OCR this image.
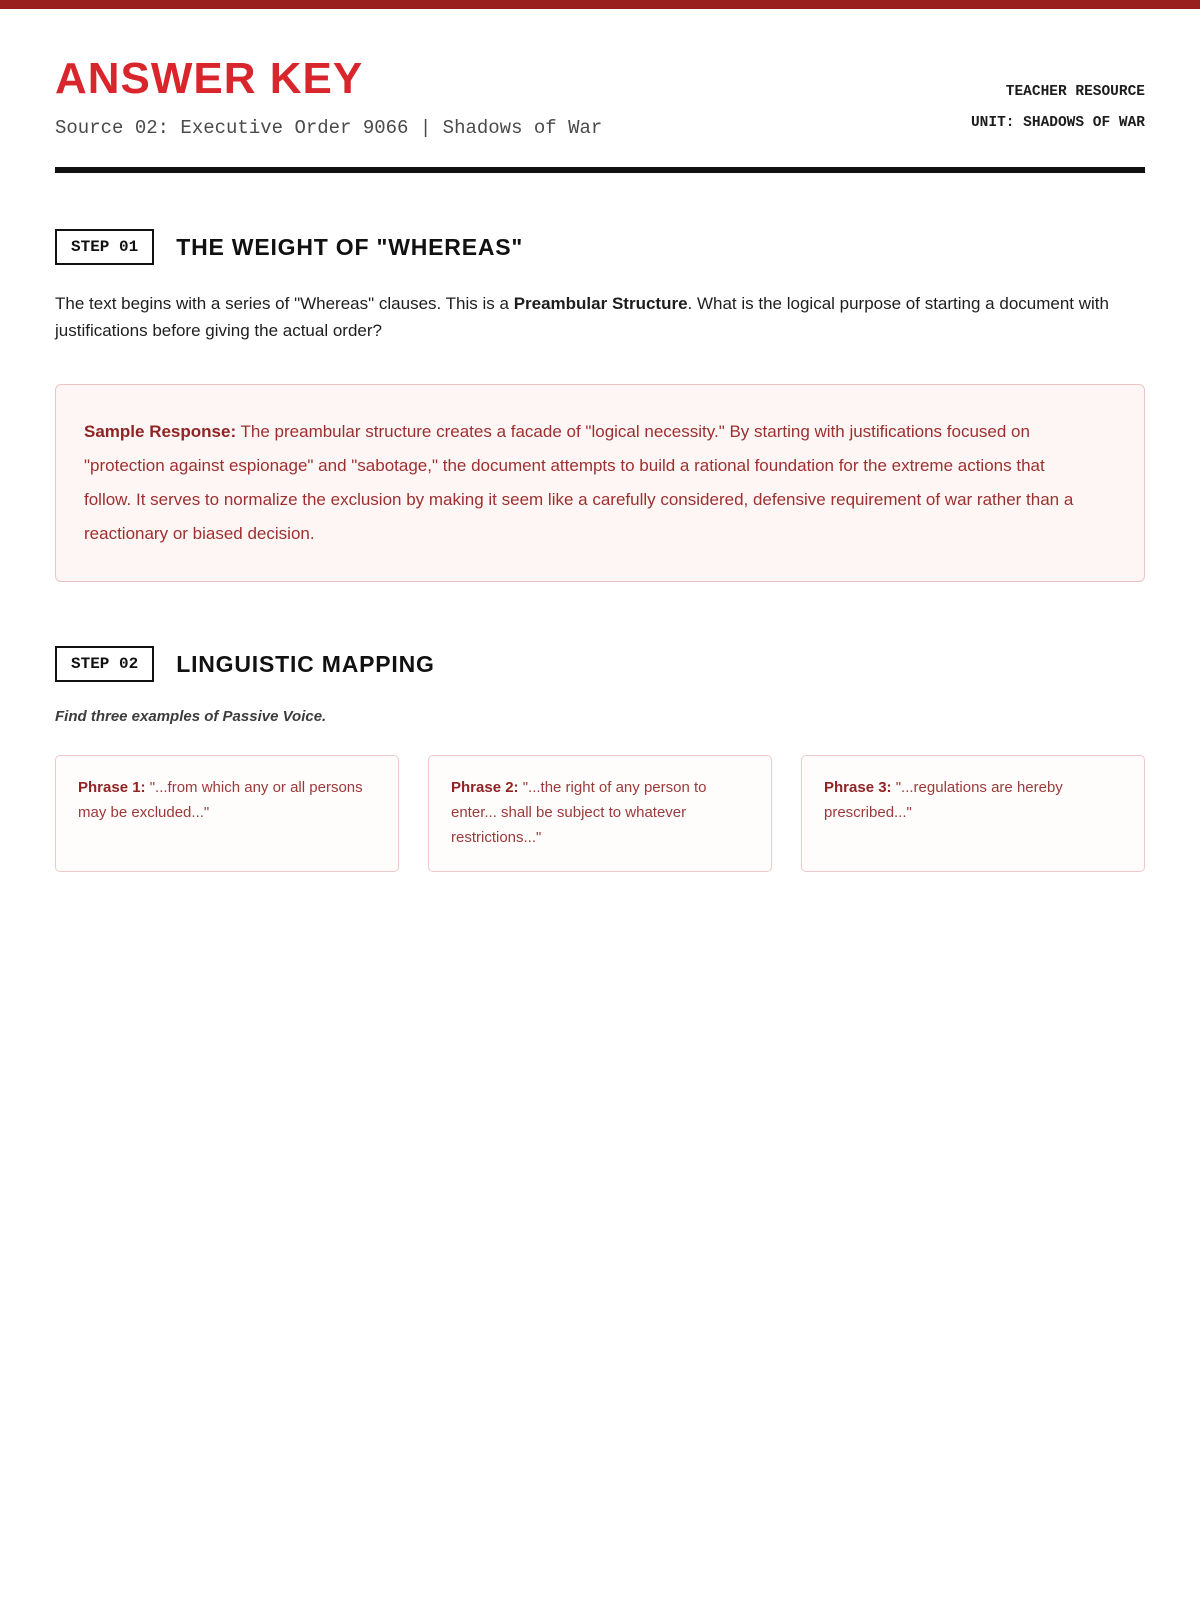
ANSWER KEY
Source 02: Executive Order 9066 | Shadows of War
TEACHER RESOURCE
UNIT: SHADOWS OF WAR
STEP 01	THE WEIGHT OF "WHEREAS"

The text begins with a series of "Whereas" clauses. This is a Preambular Structure. What is the logical purpose of starting a document with justifications before giving the actual order?

Sample Response: The preambular structure creates a facade of "logical necessity." By starting with justifications focused on "protection against espionage" and "sabotage," the document attempts to build a rational foundation for the extreme actions that follow. It serves to normalize the exclusion by making it seem like a carefully considered, defensive requirement of war rather than a reactionary or biased decision.

STEP 02	LINGUISTIC MAPPING

Find three examples of Passive Voice.

Phrase 1: "...from which any or all persons may be excluded..."

Phrase 2: "...the right of any person to enter... shall be subject to whatever restrictions..."

Phrase 3: "...regulations are hereby prescribed..."
